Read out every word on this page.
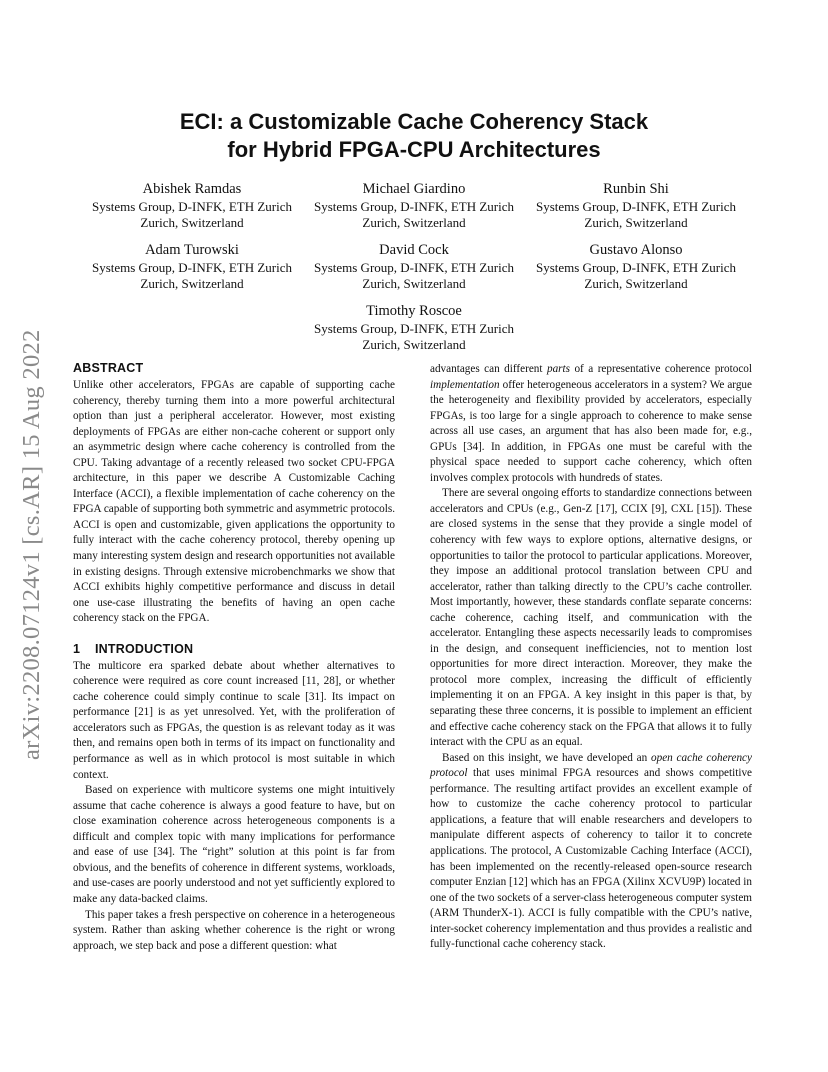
arXiv:2208.07124v1 [cs.AR] 15 Aug 2022
ECI: a Customizable Cache Coherency Stack
for Hybrid FPGA-CPU Architectures
Abishek Ramdas
Systems Group, D-INFK, ETH Zurich
Zurich, Switzerland
Michael Giardino
Systems Group, D-INFK, ETH Zurich
Zurich, Switzerland
Runbin Shi
Systems Group, D-INFK, ETH Zurich
Zurich, Switzerland
Adam Turowski
Systems Group, D-INFK, ETH Zurich
Zurich, Switzerland
David Cock
Systems Group, D-INFK, ETH Zurich
Zurich, Switzerland
Gustavo Alonso
Systems Group, D-INFK, ETH Zurich
Zurich, Switzerland
Timothy Roscoe
Systems Group, D-INFK, ETH Zurich
Zurich, Switzerland
ABSTRACT

Unlike other accelerators, FPGAs are capable of supporting cache coherency, thereby turning them into a more powerful architectural option than just a peripheral accelerator. However, most existing deployments of FPGAs are either non-cache coherent or support only an asymmetric design where cache coherency is controlled from the CPU. Taking advantage of a recently released two socket CPU-FPGA architecture, in this paper we describe A Customizable Caching Interface (ACCI), a flexible implementation of cache coherency on the FPGA capable of supporting both symmetric and asymmetric protocols. ACCI is open and customizable, given applications the opportunity to fully interact with the cache coherency protocol, thereby opening up many interesting system design and research opportunities not available in existing designs. Through extensive microbenchmarks we show that ACCI exhibits highly competitive performance and discuss in detail one use-case illustrating the benefits of having an open cache coherency stack on the FPGA.

1 INTRODUCTION

The multicore era sparked debate about whether alternatives to coherence were required as core count increased [11, 28], or whether cache coherence could simply continue to scale [31]. Its impact on performance [21] is as yet unresolved. Yet, with the proliferation of accelerators such as FPGAs, the question is as relevant today as it was then, and remains open both in terms of its impact on functionality and performance as well as in which protocol is most suitable in which context.

Based on experience with multicore systems one might intuitively assume that cache coherence is always a good feature to have, but on close examination coherence across heterogeneous components is a difficult and complex topic with many implications for performance and ease of use [34]. The “right” solution at this point is far from obvious, and the benefits of coherence in different systems, workloads, and use-cases are poorly understood and not yet sufficiently explored to make any data-backed claims.

This paper takes a fresh perspective on coherence in a heterogeneous system. Rather than asking whether coherence is the right or wrong approach, we step back and pose a different question: what

advantages can different parts of a representative coherence protocol implementation offer heterogeneous accelerators in a system? We argue the heterogeneity and flexibility provided by accelerators, especially FPGAs, is too large for a single approach to coherence to make sense across all use cases, an argument that has also been made for, e.g., GPUs [34]. In addition, in FPGAs one must be careful with the physical space needed to support cache coherency, which often involves complex protocols with hundreds of states.

There are several ongoing efforts to standardize connections between accelerators and CPUs (e.g., Gen-Z [17], CCIX [9], CXL [15]). These are closed systems in the sense that they provide a single model of coherency with few ways to explore options, alternative designs, or opportunities to tailor the protocol to particular applications. Moreover, they impose an additional protocol translation between CPU and accelerator, rather than talking directly to the CPU’s cache controller. Most importantly, however, these standards conflate separate concerns: cache coherence, caching itself, and communication with the accelerator. Entangling these aspects necessarily leads to compromises in the design, and consequent inefficiencies, not to mention lost opportunities for more direct interaction. Moreover, they make the protocol more complex, increasing the difficult of efficiently implementing it on an FPGA. A key insight in this paper is that, by separating these three concerns, it is possible to implement an efficient and effective cache coherency stack on the FPGA that allows it to fully interact with the CPU as an equal.

Based on this insight, we have developed an open cache coherency protocol that uses minimal FPGA resources and shows competitive performance. The resulting artifact provides an excellent example of how to customize the cache coherency protocol to particular applications, a feature that will enable researchers and developers to manipulate different aspects of coherency to tailor it to concrete applications. The protocol, A Customizable Caching Interface (ACCI), has been implemented on the recently-released open-source research computer Enzian [12] which has an FPGA (Xilinx XCVU9P) located in one of the two sockets of a server-class heterogeneous computer system (ARM ThunderX-1). ACCI is fully compatible with the CPU’s native, inter-socket coherency implementation and thus provides a realistic and fully-functional cache coherency stack.
